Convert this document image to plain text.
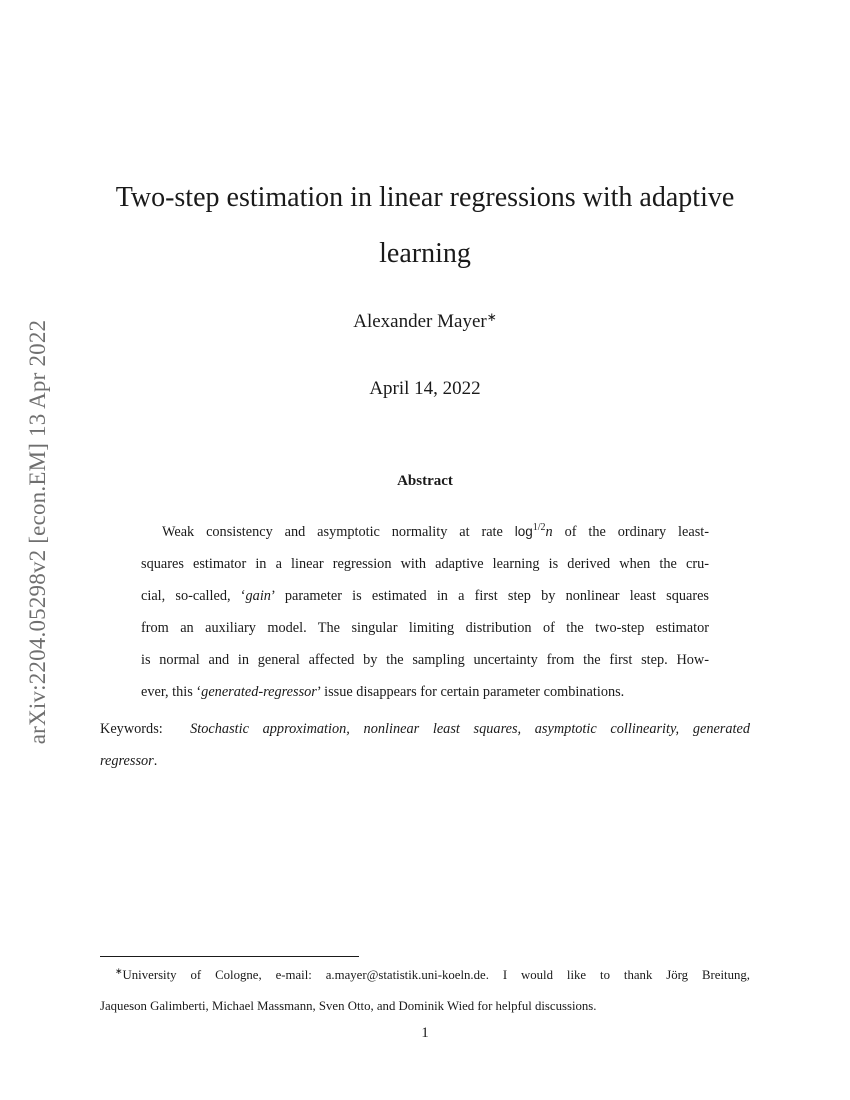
arXiv:2204.05298v2 [econ.EM] 13 Apr 2022
Two-step estimation in linear regressions with adaptive
learning
Alexander Mayer∗
April 14, 2022
Abstract
Weak consistency and asymptotic normality at rate $\log^{1/2}n$ of the ordinary least-
squares estimator in a linear regression with adaptive learning is derived when the cru-
cial, so-called, ‘gain’ parameter is estimated in a first step by nonlinear least squares
from an auxiliary model. The singular limiting distribution of the two-step estimator
is normal and in general affected by the sampling uncertainty from the first step. How-
ever, this ‘generated-regressor’ issue disappears for certain parameter combinations.
Keywords: Stochastic approximation, nonlinear least squares, asymptotic collinearity, generated
regressor.
∗University of Cologne, e-mail: a.mayer@statistik.uni-koeln.de. I would like to thank Jörg Breitung,
Jaqueson Galimberti, Michael Massmann, Sven Otto, and Dominik Wied for helpful discussions.
1
